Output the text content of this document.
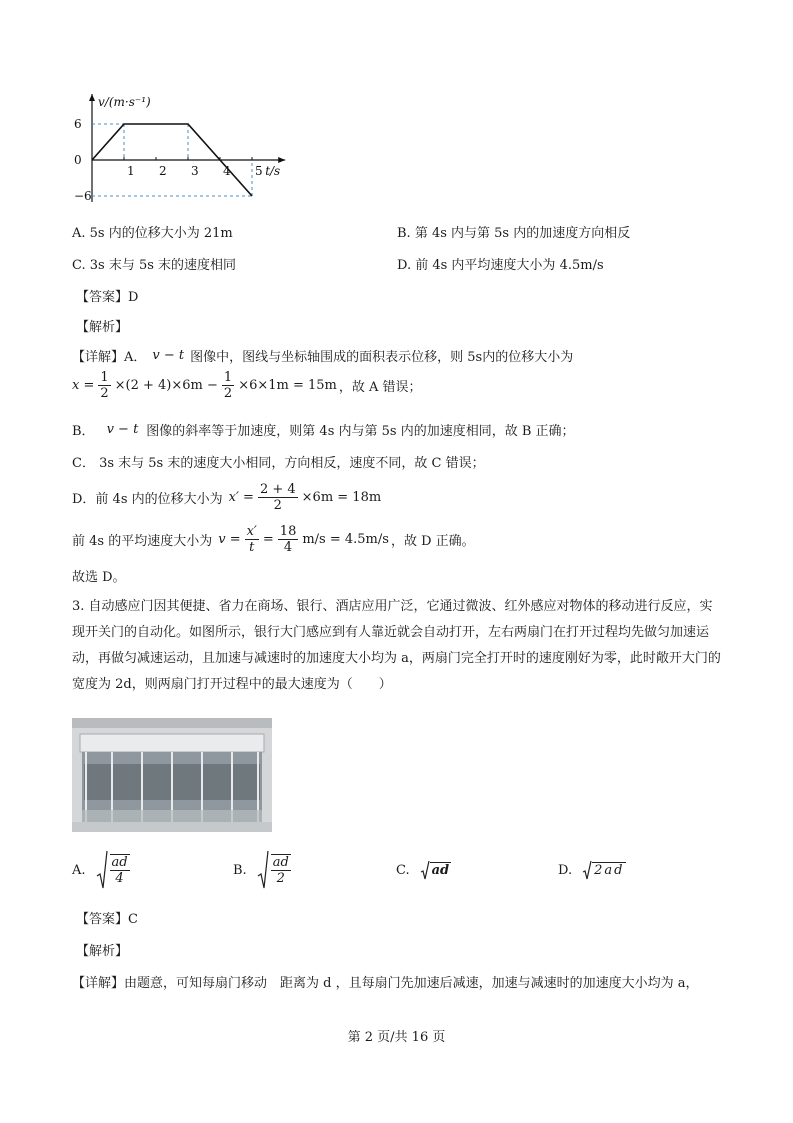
1 2 3 4 5
6
0
−6
v/(m·s⁻¹)
t/s
A. 5s 内的位移大小为 21m	B. 第 4s 内与第 5s 内的加速度方向相反
C. 3s 末与 5s 末的速度相同	D. 前 4s 内平均速度大小为 4.5m/s
【答案】D
【解析】
【详解】A． v − t 图像中，图线与坐标轴围成的面积表示位移，则 5s内的位移大小为
$x = \frac{1}{2} \times(2 + 4)\times 6m - \frac{1}{2} \times 6\times 1m = 15m$ ，故 A 错误；
B． v − t 图像的斜率等于加速度，则第 4s 内与第 5s 内的加速度相同，故 B 正确；
C． 3s 末与 5s 末的速度大小相同，方向相反，速度不同，故 C 错误；
D．前 4s 内的位移大小为 $x' = \frac{2 + 4}{2} \times 6m = 18m$
前 4s 的平均速度大小为 $v = \frac{x'}{t} = \frac{18}{4} m/s = 4.5m/s$ ，故 D 正确。
故选 D。
3. 自动感应门因其便捷、省力在商场、银行、酒店应用广泛，它通过微波、红外感应对物体的移动进行反应，实现开关门的自动化。如图所示，银行大门感应到有人靠近就会自动打开，左右两扇门在打开过程均先做匀加速运动，再做匀减速运动，且加速与减速时的加速度大小均为 a，两扇门完全打开时的速度刚好为零，此时敞开大门的宽度为 2d，则两扇门打开过程中的最大速度为（　　）
A. $\frac{ad}{4}$	B. $\frac{ad}{2}$	C. ad	D. 2ad
【答案】C
【解析】
【详解】由题意，可知每扇门移动　距离为 d ，且每扇门先加速后减速，加速与减速时的加速度大小均为 a，
第 2 页/共 16 页
